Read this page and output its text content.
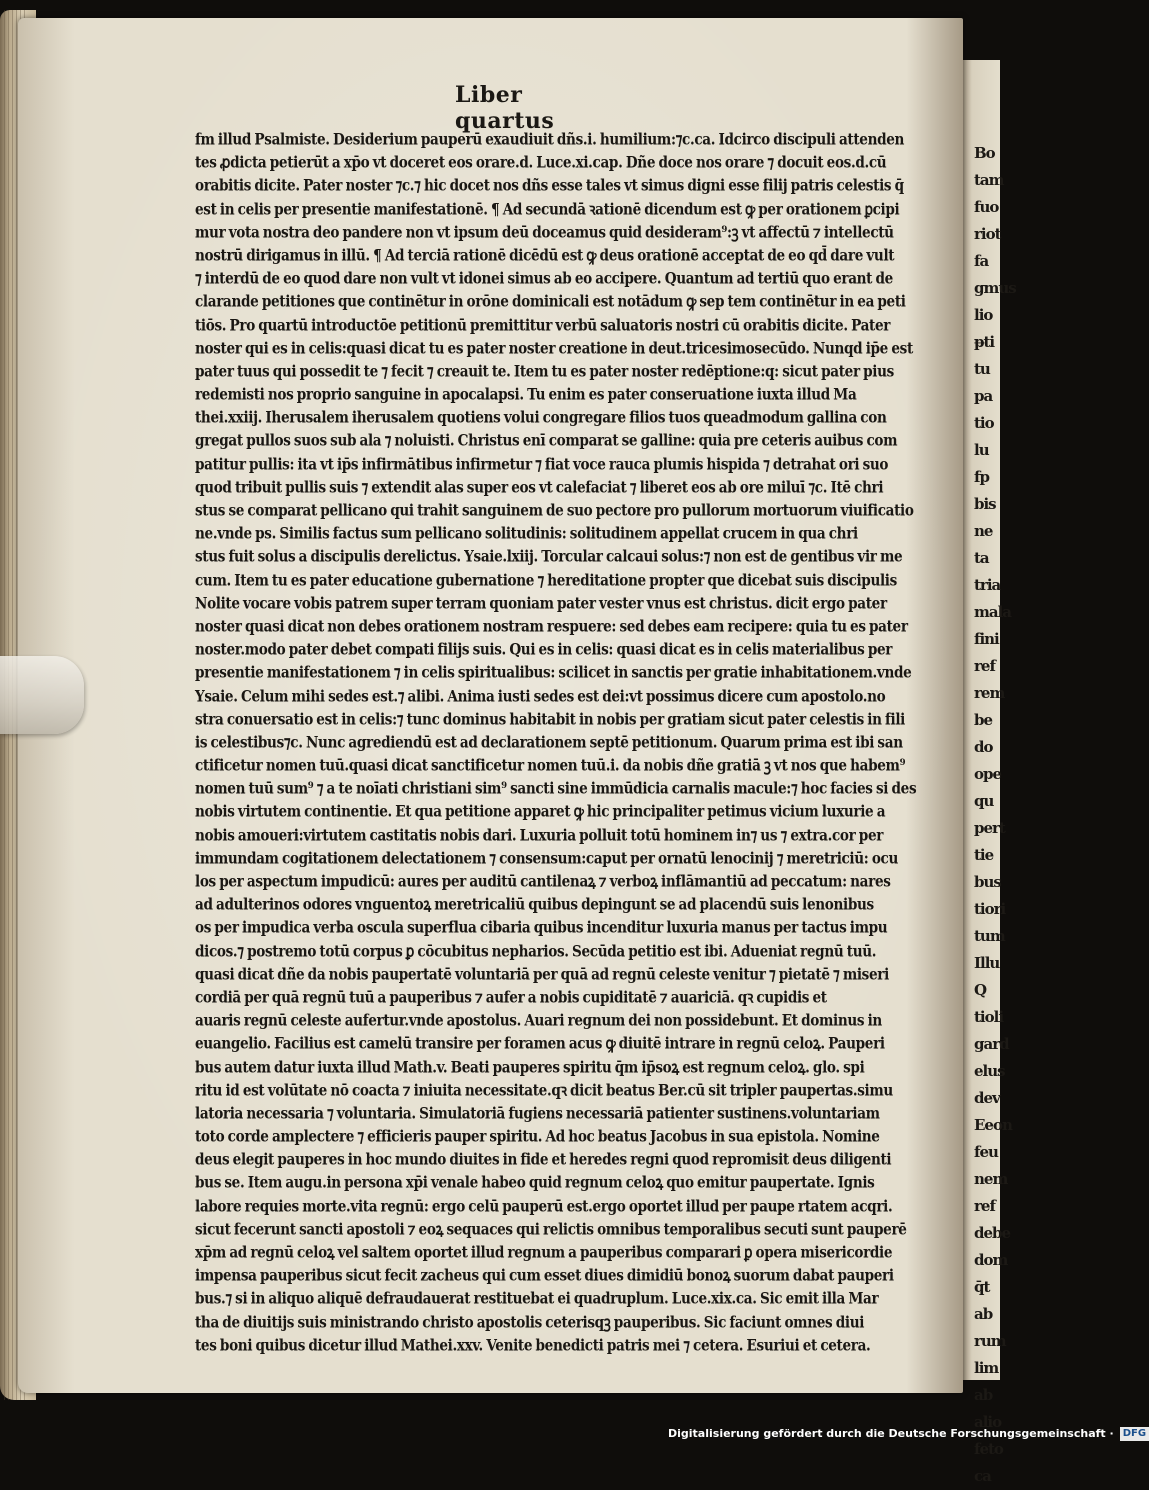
Bo
tam
fuo
riot
fa
gmus
lio
ᵽti
tu
pa
tio
lu
fp
bis
ne
ta
tria
mala
fini
ref
rem
be
do
ope
qu
pert
tie
bus
tiori
tum
Illu
Q
tioli
gard
elus
dev
Eeon
feu
nem
ref
debe
dom
q̄t
ab
rum
lim
ab
alio
feto
ca
Liber quartus
fm illud Psalmiste. Desiderium pauperū exaudiuit dñs.i. humilium:⁊c.ca. Idcirco discipuli attenden
tes ꝓdicta petierūt a xp̄o vt doceret eos orare.d. Luce.xi.cap. Dñe doce nos orare ⁊ docuit eos.d.cū
orabitis dicite. Pater noster ⁊c.⁊ hic docet nos dñs esse tales vt simus digni esse filij patris celestis q̄
est in celis per presentie manifestationē. ¶ Ad secundā ꝛationē dicendum est ꝙ per orationem ꝑcipi
mur vota nostra deo pandere non vt ipsum deū doceamus quid desideram⁹:ꝫ vt affectū ⁊ intellectū
nostrū dirigamus in illū. ¶ Ad terciā rationē dicēdū est ꝙ deus orationē acceptat de eo qd̄ dare vult
⁊ interdū de eo quod dare non vult vt idonei simus ab eo accipere. Quantum ad tertiū quo erant de
clarande petitiones que continētur in orōne dominicali est notādum ꝙ sep tem continētur in ea peti
tiōs. Pro quartū introductōe petitionū premittitur verbū saluatoris nostri cū orabitis dicite. Pater
noster qui es in celis:quasi dicat tu es pater noster creatione in deut.tricesimosecūdo. Nunqd ip̄e est
pater tuus qui possedit te ⁊ fecit ⁊ creauit te. Item tu es pater noster redēptione:q: sicut pater pius
redemisti nos proprio sanguine in apocalapsi. Tu enim es pater conseruatione iuxta illud Ma
thei.xxiij. Iherusalem iherusalem quotiens volui congregare filios tuos queadmodum gallina con
gregat pullos suos sub ala ⁊ noluisti. Christus enī comparat se galline: quia pre ceteris auibus com
patitur pullis: ita vt ip̄s infirmātibus infirmetur ⁊ fiat voce rauca plumis hispida ⁊ detrahat ori suo
quod tribuit pullis suis ⁊ extendit alas super eos vt calefaciat ⁊ liberet eos ab ore miluī ⁊c. Itē chri
stus se comparat pellicano qui trahit sanguinem de suo pectore pro pullorum mortuorum viuificatio
ne.vnde ps. Similis factus sum pellicano solitudinis: solitudinem appellat crucem in qua chri
stus fuit solus a discipulis derelictus. Ysaie.lxiij. Torcular calcaui solus:⁊ non est de gentibus vir me
cum. Item tu es pater educatione gubernatione ⁊ hereditatione propter que dicebat suis discipulis
Nolite vocare vobis patrem super terram quoniam pater vester vnus est christus. dicit ergo pater
noster quasi dicat non debes orationem nostram respuere: sed debes eam recipere: quia tu es pater
noster.modo pater debet compati filijs suis. Qui es in celis: quasi dicat es in celis materialibus per
presentie manifestationem ⁊ in celis spiritualibus: scilicet in sanctis per gratie inhabitationem.vnde
Ysaie. Celum mihi sedes est.⁊ alibi. Anima iusti sedes est dei:vt possimus dicere cum apostolo.no
stra conuersatio est in celis:⁊ tunc dominus habitabit in nobis per gratiam sicut pater celestis in fili
is celestibus⁊c. Nunc agrediendū est ad declarationem septē petitionum. Quarum prima est ibi san
ctificetur nomen tuū.quasi dicat sanctificetur nomen tuū.i. da nobis dñe gratiā ꝫ vt nos que habem⁹
nomen tuū sum⁹ ⁊ a te noīati christiani sim⁹ sancti sine immūdicia carnalis macule:⁊ hoc facies si des
nobis virtutem continentie. Et qua petitione apparet ꝙ hic principaliter petimus vicium luxurie a
nobis amoueri:virtutem castitatis nobis dari. Luxuria polluit totū hominem in⁊ us ⁊ extra.cor per
immundam cogitationem delectationem ⁊ consensum:caput per ornatū lenocinij ⁊ meretriciū: ocu
los per aspectum impudicū: aures per auditū cantilenaꝝ ⁊ verboꝝ inflāmantiū ad peccatum: nares
ad adulterinos odores vnguentoꝝ meretricaliū quibus depingunt se ad placendū suis lenonibus
os per impudica verba oscula superflua cibaria quibus incenditur luxuria manus per tactus impu
dicos.⁊ postremo totū corpus ꝑ cōcubitus nepharios. Secūda petitio est ibi. Adueniat regnū tuū.
quasi dicat dñe da nobis paupertatē voluntariā per quā ad regnū celeste venitur ⁊ pietatē ⁊ miseri
cordiā per quā regnū tuū a pauperibus ⁊ aufer a nobis cupiditatē ⁊ auariciā. qꝛ cupidis et
auaris regnū celeste aufertur.vnde apostolus. Auari regnum dei non possidebunt. Et dominus in
euangelio. Facilius est camelū transire per foramen acus ꝙ diuitē intrare in regnū celoꝝ. Pauperi
bus autem datur iuxta illud Math.v. Beati pauperes spiritu q̄m ip̄soꝝ est regnum celoꝝ. glo. spi
ritu id est volūtate nō coacta ⁊ iniuita necessitate.qꝛ dicit beatus Ber.cū sit tripler paupertas.simu
latoria necessaria ⁊ voluntaria. Simulatoriā fugiens necessariā patienter sustinens.voluntariam
toto corde amplectere ⁊ efficieris pauper spiritu. Ad hoc beatus Jacobus in sua epistola. Nomine
deus elegit pauperes in hoc mundo diuites in fide et heredes regni quod repromisit deus diligenti
bus se. Item augu.in persona xp̄i venale habeo quid regnum celoꝝ quo emitur paupertate. Ignis
labore requies morte.vita regnū: ergo celū pauperū est.ergo oportet illud per paupe rtatem acqri.
sicut fecerunt sancti apostoli ⁊ eoꝝ sequaces qui relictis omnibus temporalibus secuti sunt pauperē
xp̄m ad regnū celoꝝ vel saltem oportet illud regnum a pauperibus comparari ꝑ opera misericordie
impensa pauperibus sicut fecit zacheus qui cum esset diues dimidiū bonoꝝ suorum dabat pauperi
bus.⁊ si in aliquo aliquē defraudauerat restituebat ei quadruplum. Luce.xix.ca. Sic emit illa Mar
tha de diuitijs suis ministrando christo apostolis ceterisqꝫ pauperibus. Sic faciunt omnes diui
tes boni quibus dicetur illud Mathei.xxv. Venite benedicti patris mei ⁊ cetera. Esuriui et cetera.
Digitalisierung gefördert durch die Deutsche Forschungsgemeinschaft · DFG
